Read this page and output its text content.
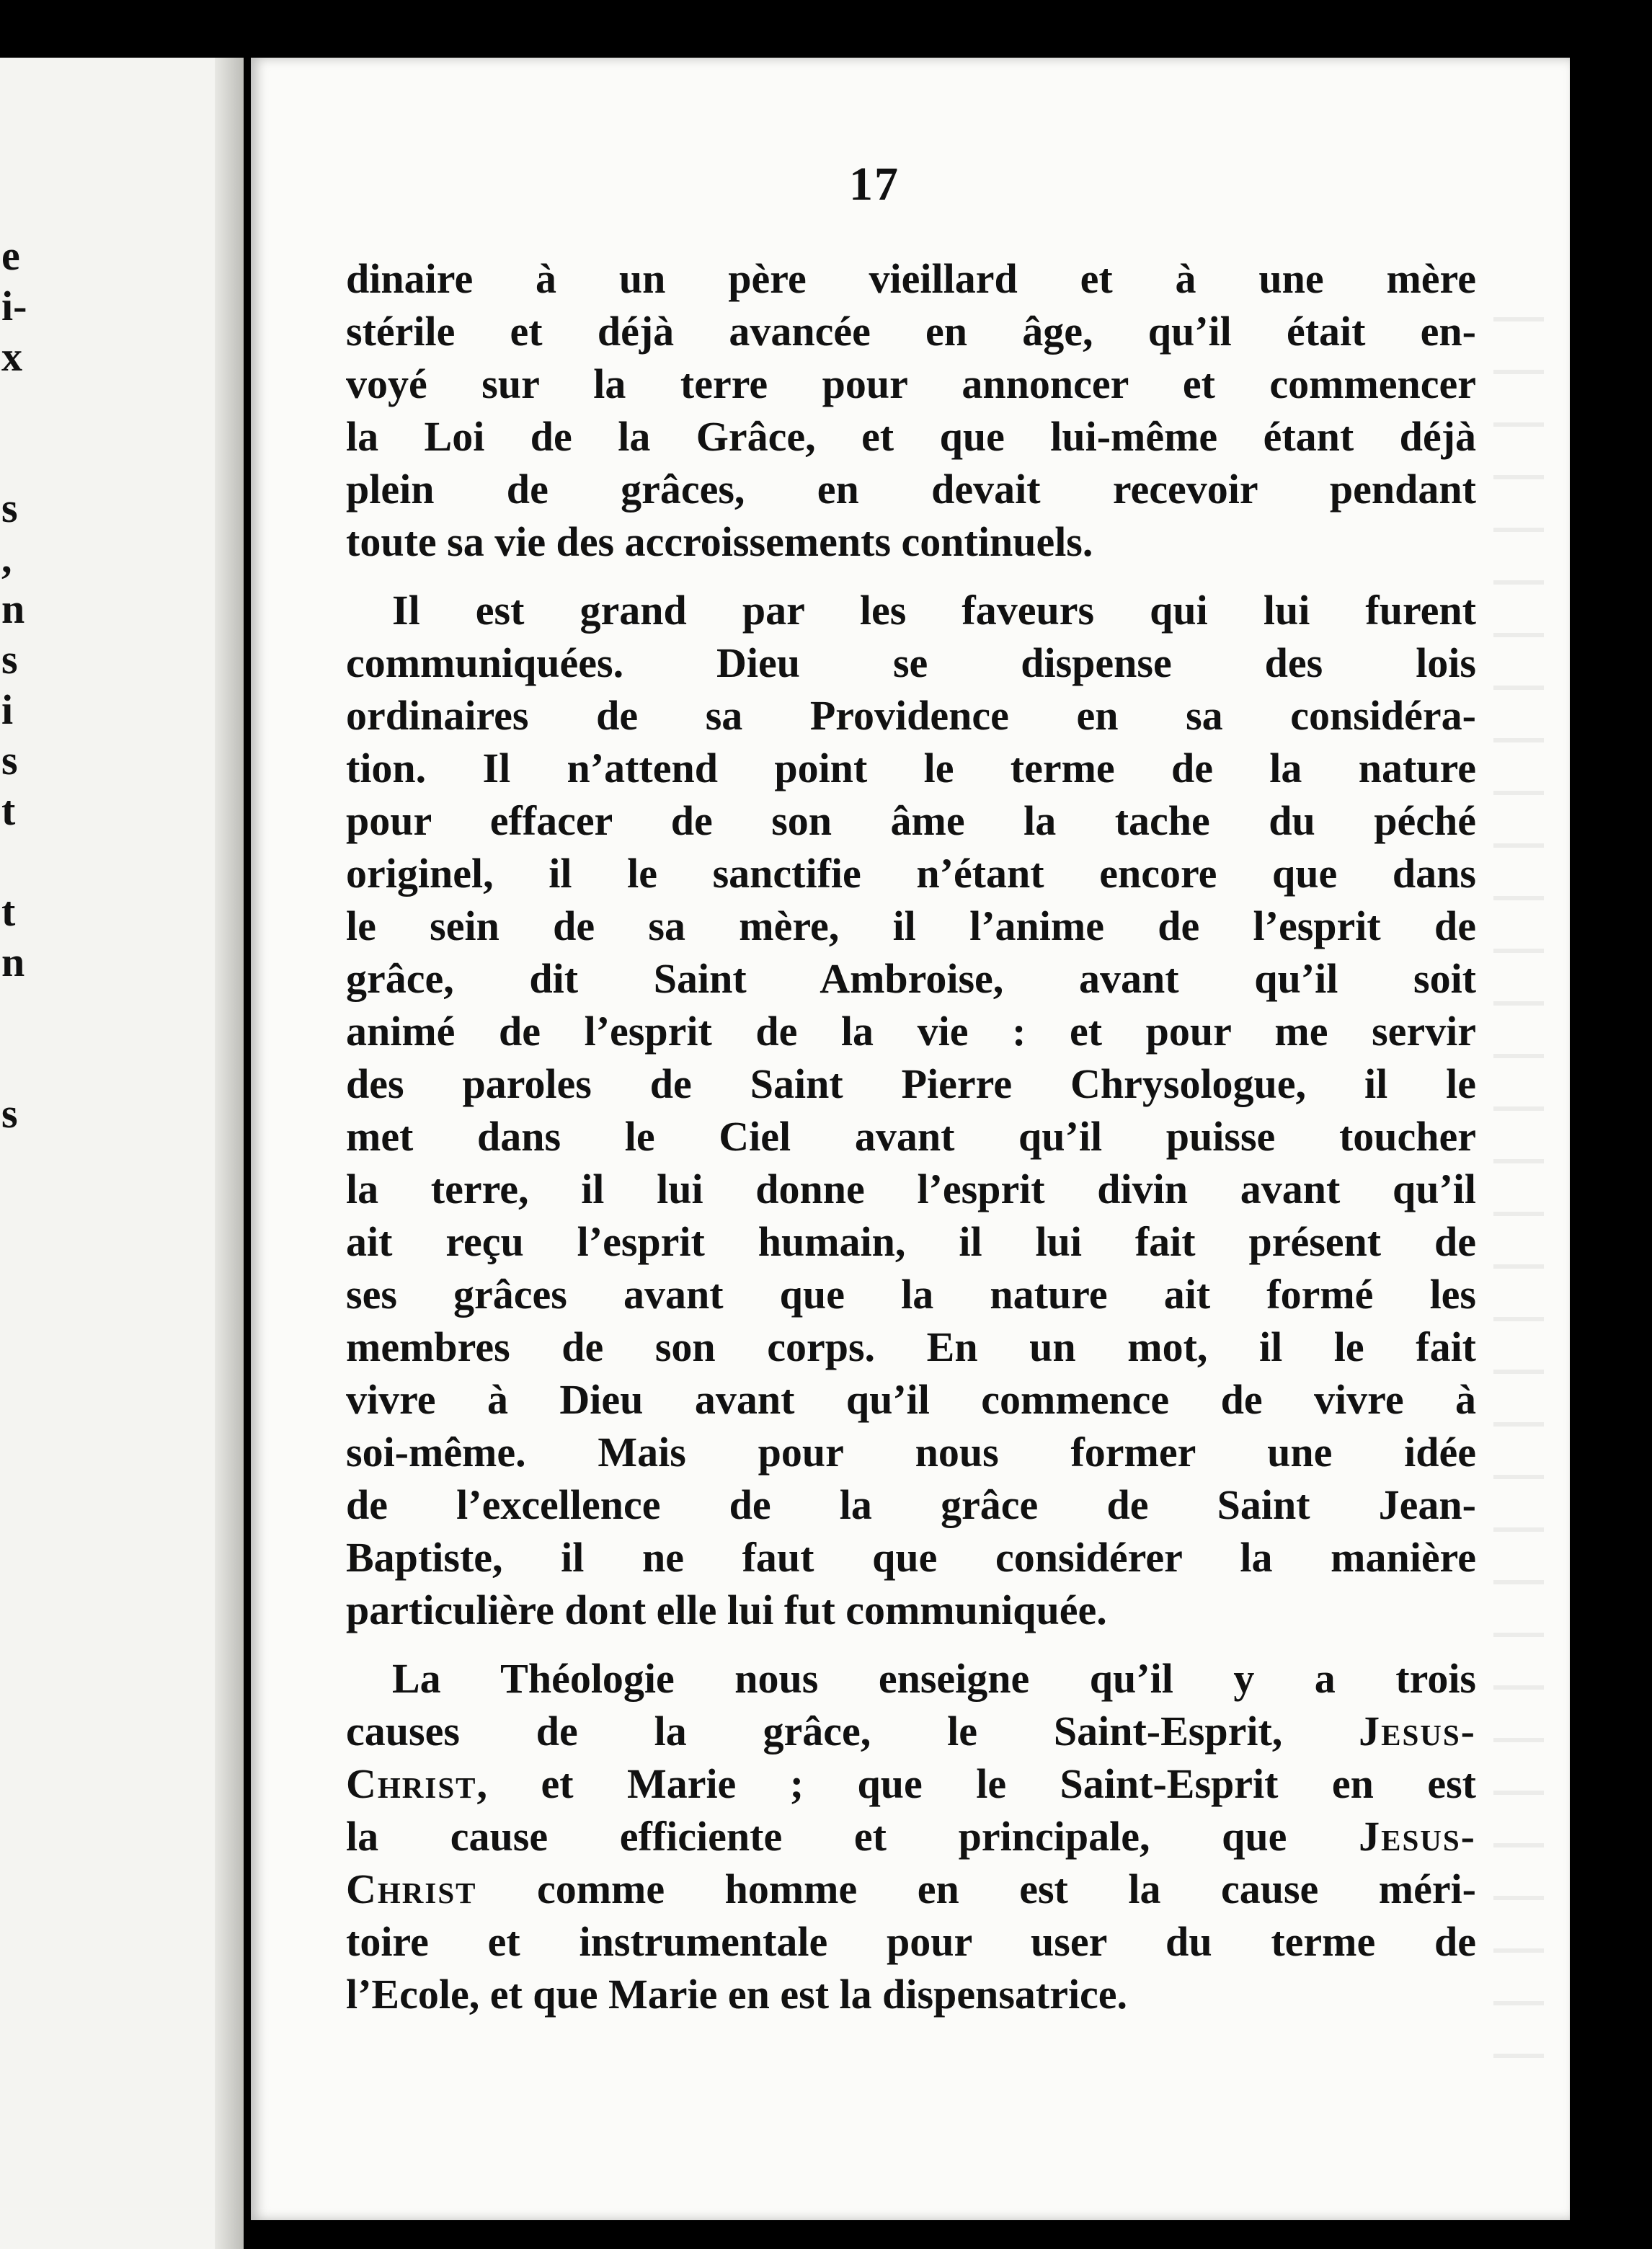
e
i-
x
s
,
n
s
i
s
t
t
n
s
17
dinaire à un père vieillard et à une mère
stérile et déjà avancée en âge, qu’il était en-
voyé sur la terre pour annoncer et commencer
la Loi de la Grâce, et que lui-même étant déjà
plein de grâces, en devait recevoir pendant
toute sa vie des accroissements continuels.
Il est grand par les faveurs qui lui furent
communiquées. Dieu se dispense des lois
ordinaires de sa Providence en sa considéra-
tion. Il n’attend point le terme de la nature
pour effacer de son âme la tache du péché
originel, il le sanctifie n’étant encore que dans
le sein de sa mère, il l’anime de l’esprit de
grâce, dit Saint Ambroise, avant qu’il soit
animé de l’esprit de la vie : et pour me servir
des paroles de Saint Pierre Chrysologue, il le
met dans le Ciel avant qu’il puisse toucher
la terre, il lui donne l’esprit divin avant qu’il
ait reçu l’esprit humain, il lui fait présent de
ses grâces avant que la nature ait formé les
membres de son corps. En un mot, il le fait
vivre à Dieu avant qu’il commence de vivre à
soi-même. Mais pour nous former une idée
de l’excellence de la grâce de Saint Jean-
Baptiste, il ne faut que considérer la manière
particulière dont elle lui fut communiquée.
La Théologie nous enseigne qu’il y a trois
causes de la grâce, le Saint-Esprit, Jesus-
Christ, et Marie ; que le Saint-Esprit en est
la cause efficiente et principale, que Jesus-
Christ comme homme en est la cause méri-
toire et instrumentale pour user du terme de
l’Ecole, et que Marie en est la dispensatrice.
